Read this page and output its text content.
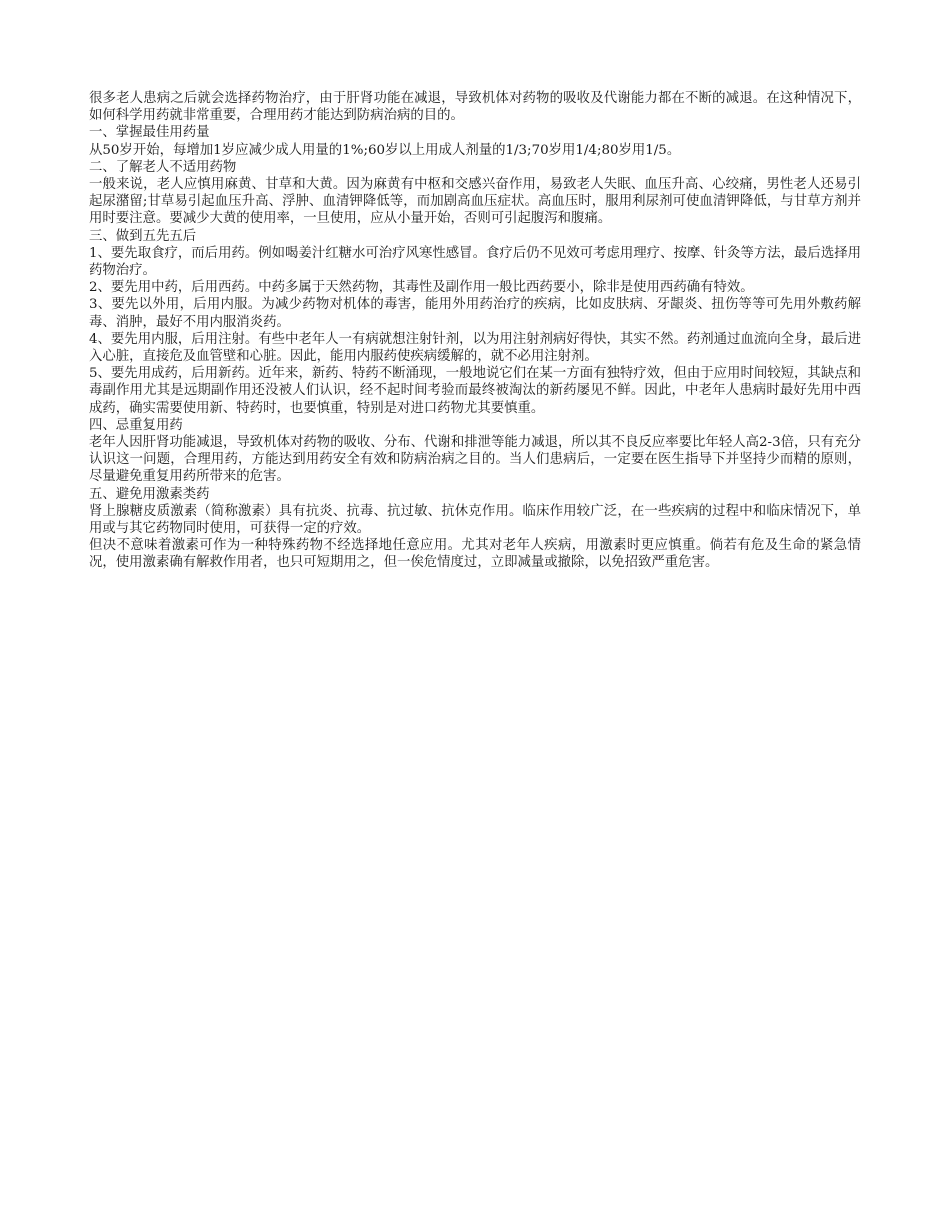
很多老人患病之后就会选择药物治疗，由于肝肾功能在减退，导致机体对药物的吸收及代谢能力都在不断的减退。在这种情况下，如何科学用药就非常重要，合理用药才能达到防病治病的目的。

一、掌握最佳用药量

从50岁开始，每增加1岁应减少成人用量的1%;60岁以上用成人剂量的1/3;70岁用1/4;80岁用1/5。

二、了解老人不适用药物

一般来说，老人应慎用麻黄、甘草和大黄。因为麻黄有中枢和交感兴奋作用，易致老人失眠、血压升高、心绞痛，男性老人还易引起尿潴留;甘草易引起血压升高、浮肿、血清钾降低等，而加剧高血压症状。高血压时，服用利尿剂可使血清钾降低，与甘草方剂并用时要注意。要减少大黄的使用率，一旦使用，应从小量开始，否则可引起腹泻和腹痛。

三、做到五先五后

1、要先取食疗，而后用药。例如喝姜汁红糖水可治疗风寒性感冒。食疗后仍不见效可考虑用理疗、按摩、针灸等方法，最后选择用药物治疗。

2、要先用中药，后用西药。中药多属于天然药物，其毒性及副作用一般比西药要小，除非是使用西药确有特效。

3、要先以外用，后用内服。为减少药物对机体的毒害，能用外用药治疗的疾病，比如皮肤病、牙龈炎、扭伤等等可先用外敷药解毒、消肿，最好不用内服消炎药。

4、要先用内服，后用注射。有些中老年人一有病就想注射针剂，以为用注射剂病好得快，其实不然。药剂通过血流向全身，最后进入心脏，直接危及血管壁和心脏。因此，能用内服药使疾病缓解的，就不必用注射剂。

5、要先用成药，后用新药。近年来，新药、特药不断涌现，一般地说它们在某一方面有独特疗效，但由于应用时间较短，其缺点和毒副作用尤其是远期副作用还没被人们认识，经不起时间考验而最终被淘汰的新药屡见不鲜。因此，中老年人患病时最好先用中西成药，确实需要使用新、特药时，也要慎重，特别是对进口药物尤其要慎重。

四、忌重复用药

老年人因肝肾功能减退，导致机体对药物的吸收、分布、代谢和排泄等能力减退，所以其不良反应率要比年轻人高2-3倍，只有充分认识这一问题，合理用药，方能达到用药安全有效和防病治病之目的。当人们患病后，一定要在医生指导下并坚持少而精的原则，尽量避免重复用药所带来的危害。

五、避免用激素类药

肾上腺糖皮质激素（简称激素）具有抗炎、抗毒、抗过敏、抗休克作用。临床作用较广泛，在一些疾病的过程中和临床情况下，单用或与其它药物同时使用，可获得一定的疗效。

但决不意味着激素可作为一种特殊药物不经选择地任意应用。尤其对老年人疾病，用激素时更应慎重。倘若有危及生命的紧急情况，使用激素确有解救作用者，也只可短期用之，但一俟危情度过，立即减量或撤除，以免招致严重危害。
